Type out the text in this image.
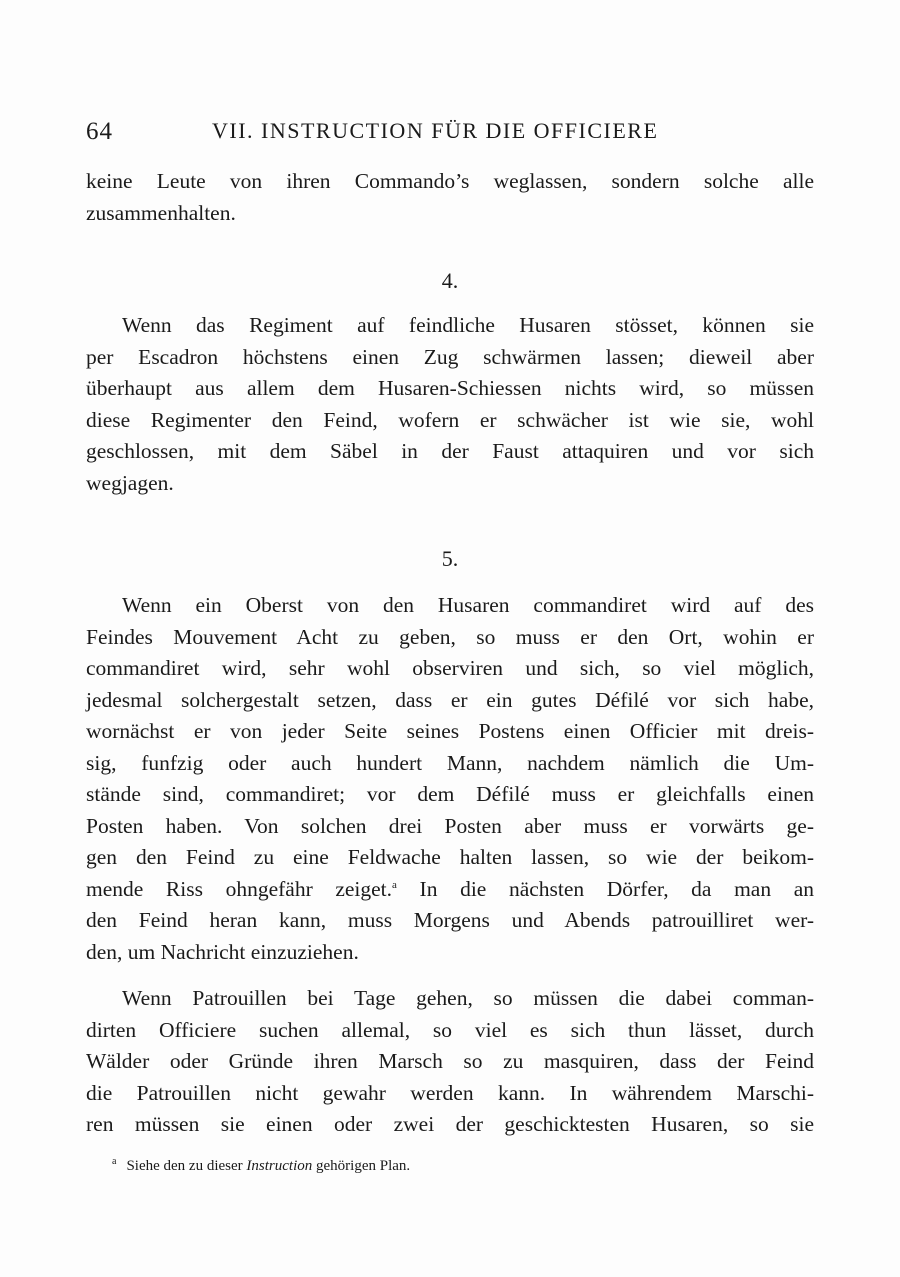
64	VII. INSTRUCTION FÜR DIE OFFICIERE

keine Leute von ihren Commando’s weglassen, sondern solche alle
zusammenhalten.

4.

Wenn das Regiment auf feindliche Husaren stösset, können sie
per Escadron höchstens einen Zug schwärmen lassen; dieweil aber
überhaupt aus allem dem Husaren-Schiessen nichts wird, so müssen
diese Regimenter den Feind, wofern er schwächer ist wie sie, wohl
geschlossen, mit dem Säbel in der Faust attaquiren und vor sich
wegjagen.

5.

Wenn ein Oberst von den Husaren commandiret wird auf des
Feindes Mouvement Acht zu geben, so muss er den Ort, wohin er
commandiret wird, sehr wohl observiren und sich, so viel möglich,
jedesmal solchergestalt setzen, dass er ein gutes Défilé vor sich habe,
wornächst er von jeder Seite seines Postens einen Officier mit dreis-
sig, funfzig oder auch hundert Mann, nachdem nämlich die Um-
stände sind, commandiret; vor dem Défilé muss er gleichfalls einen
Posten haben. Von solchen drei Posten aber muss er vorwärts ge-
gen den Feind zu eine Feldwache halten lassen, so wie der beikom-
mende Riss ohngefähr zeiget.$^a$ In die nächsten Dörfer, da man an
den Feind heran kann, muss Morgens und Abends patrouilliret wer-
den, um Nachricht einzuziehen.

Wenn Patrouillen bei Tage gehen, so müssen die dabei comman-
dirten Officiere suchen allemal, so viel es sich thun lässet, durch
Wälder oder Gründe ihren Marsch so zu masquiren, dass der Feind
die Patrouillen nicht gewahr werden kann. In währendem Marschi-
ren müssen sie einen oder zwei der geschicktesten Husaren, so sie

$^a$ Siehe den zu dieser Instruction gehörigen Plan.
